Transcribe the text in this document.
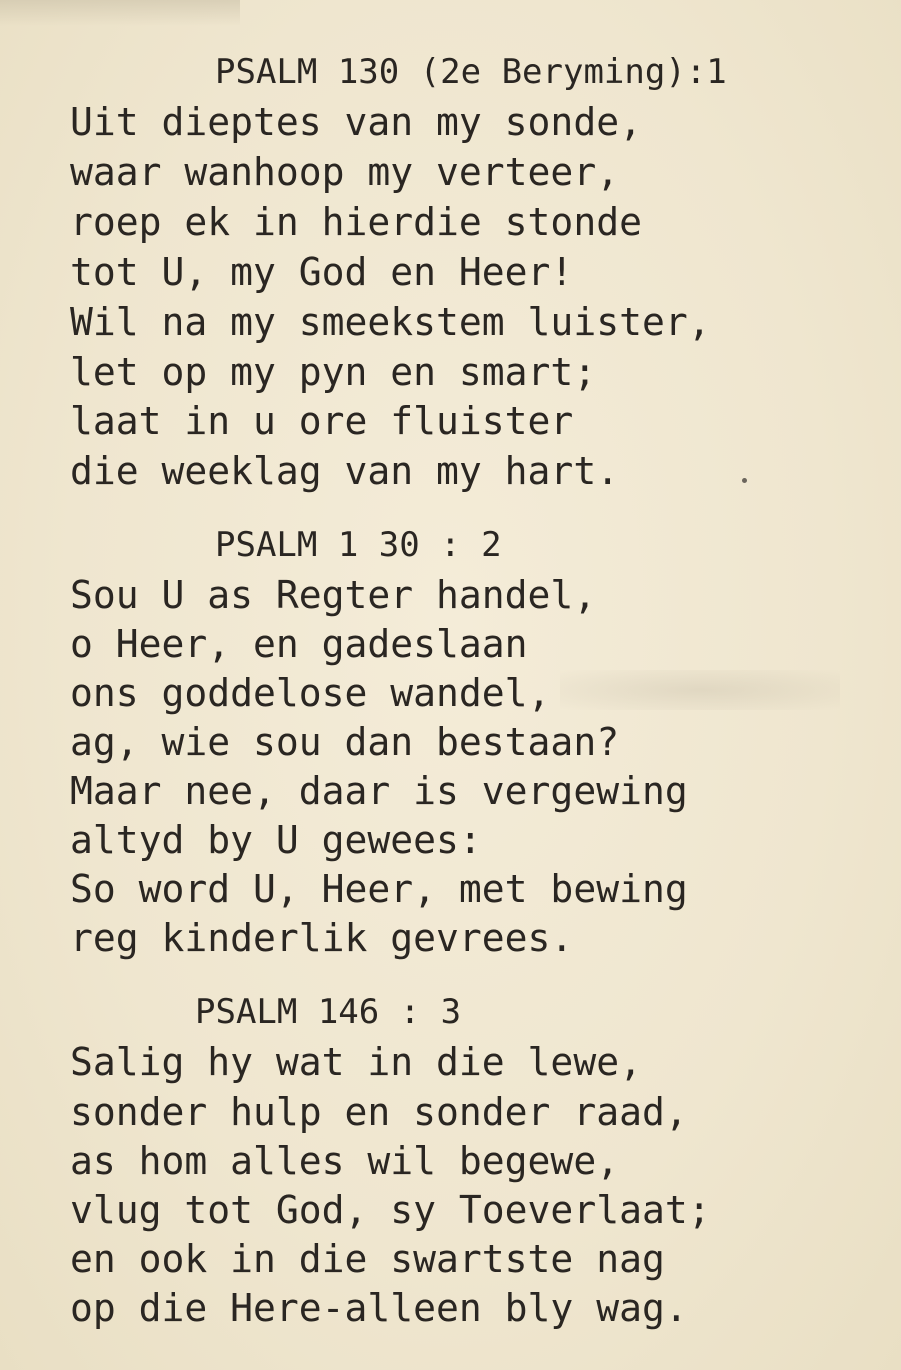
PSALM 130 (2e Beryming):1
Uit dieptes van my sonde,
waar wanhoop my verteer,
roep ek in hierdie stonde
tot U, my God en Heer!
Wil na my smeekstem luister,
let op my pyn en smart;
laat in u ore fluister
die weeklag van my hart.
PSALM 1 30 : 2
Sou U as Regter handel,
o Heer, en gadeslaan
ons goddelose wandel,
ag, wie sou dan bestaan?
Maar nee, daar is vergewing
altyd by U gewees:
So word U, Heer, met bewing
reg kinderlik gevrees.
PSALM 146 : 3
Salig hy wat in die lewe,
sonder hulp en sonder raad,
as hom alles wil begewe,
vlug tot God, sy Toeverlaat;
en ook in die swartste nag
op die Here-alleen bly wag.
